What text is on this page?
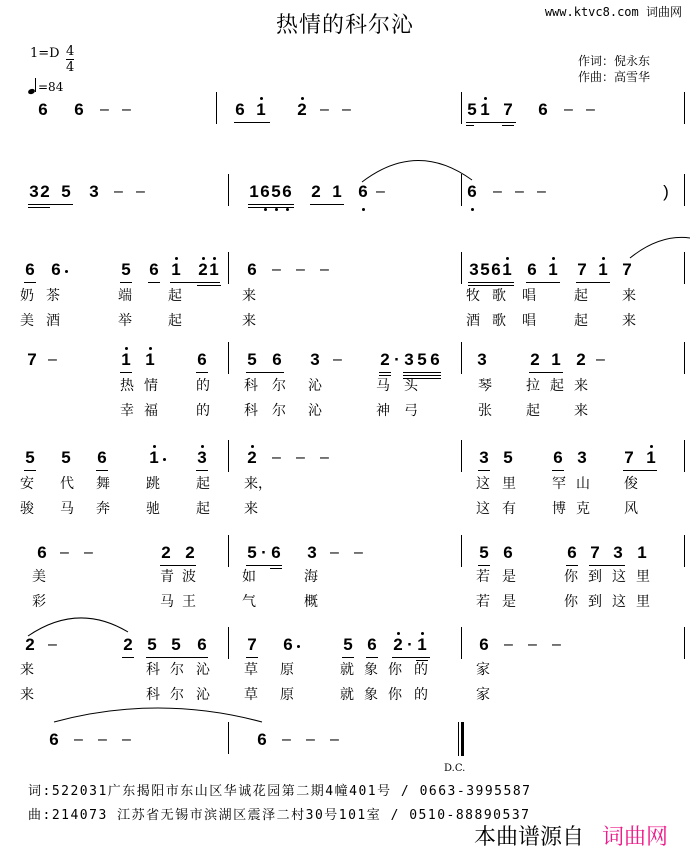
热情的科尔沁
www.ktvc8.com 词曲网
作词：倪永东
作曲：高雪华
1=D 4
4
=84
6 6 – –	6 1 2 – –	5 1 7 6 – –
3 2 5 3 – –	1 6 5 6 2 1 6 –	6 – – –	)
6 6	5 6 1 2 1 6 – – –	3 5 6 1 6 1 7 1 7
奶 茶	端	起	来	牧 歌 唱	起 来
美 酒	举	起	来	酒 歌 唱	起 来
7 –	1 1	6 5 6 3 – 2 · 3 5 6 3	2 1 2 –
热 情	的 科 尔 沁	马 头	琴 拉 起 来
幸 福	的 科 尔 沁	神 弓	张 起 来
5 5 6	1 3 2 – – –	3 5 6 3 7 1
安 代 舞	跳	起 来，	这 里	罕 山 俊
骏 马 奔	驰	起 来	这 有	博 克 风
6 – –	2 2	5 · 6 3 – –	5 6	6 7 3 1
美	青 波	如	海	若 是	你 到 这 里
彩	马 王	气	概	若 是	你 到 这 里
2 –	2 5 5 6 7 6	5 6 2 · 1	6 – – –
来	科 尔 沁 草 原	就 象 你 的	家
来	科 尔 沁 草 原	就 象 你 的	家
6 – – –	6 – – –
D.C.
词:522031广东揭阳市东山区华诚花园第二期4幢401号 / 0663-3995587
曲:214073 江苏省无锡市滨湖区震泽二村30号101室 / 0510-88890537
本曲谱源自 词曲网
